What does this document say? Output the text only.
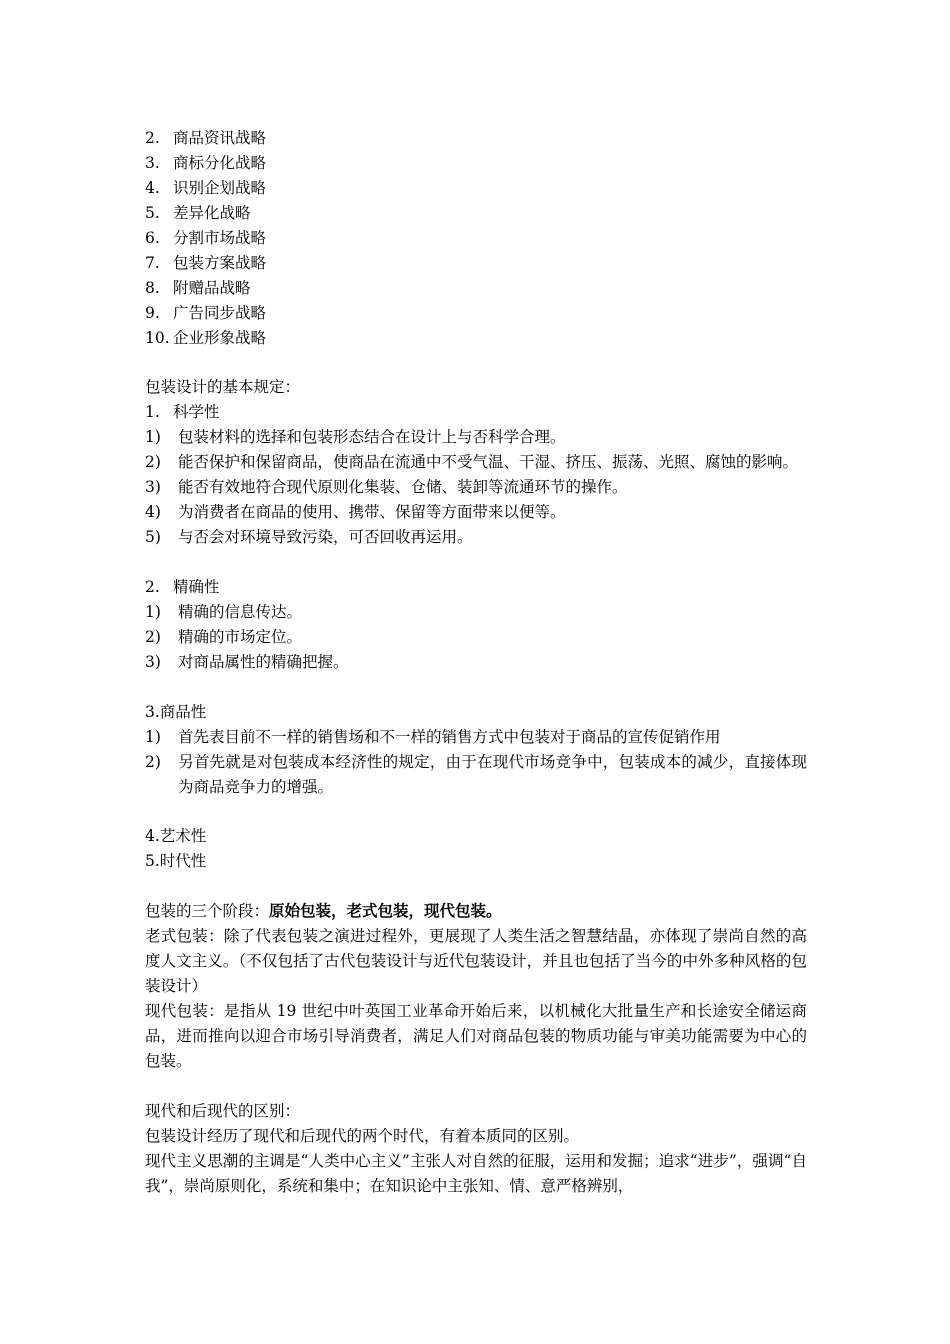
2. 商品资讯战略
3. 商标分化战略
4. 识别企划战略
5. 差异化战略
6. 分割市场战略
7. 包装方案战略
8. 附赠品战略
9. 广告同步战略
10. 企业形象战略
包装设计的基本规定：
1. 科学性
1) 包装材料的选择和包装形态结合在设计上与否科学合理。
2) 能否保护和保留商品，使商品在流通中不受气温、干湿、挤压、振荡、光照、腐蚀的影响。
3) 能否有效地符合现代原则化集装、仓储、装卸等流通环节的操作。
4) 为消费者在商品的使用、携带、保留等方面带来以便等。
5) 与否会对环境导致污染，可否回收再运用。
2. 精确性
1) 精确的信息传达。
2) 精确的市场定位。
3) 对商品属性的精确把握。
3.商品性
1) 首先表目前不一样的销售场和不一样的销售方式中包装对于商品的宣传促销作用
2) 另首先就是对包装成本经济性的规定，由于在现代市场竞争中，包装成本的减少，直接体现为商品竞争力的增强。
4.艺术性
5.时代性
包装的三个阶段：原始包装，老式包装，现代包装。
老式包装：除了代表包装之演进过程外，更展现了人类生活之智慧结晶，亦体现了崇尚自然的高度人文主义。（不仅包括了古代包装设计与近代包装设计，并且也包括了当今的中外多种风格的包装设计）
现代包装：是指从 19 世纪中叶英国工业革命开始后来，以机械化大批量生产和长途安全储运商品，进而推向以迎合市场引导消费者，满足人们对商品包装的物质功能与审美功能需要为中心的包装。
现代和后现代的区别：
包装设计经历了现代和后现代的两个时代，有着本质同的区别。
现代主义思潮的主调是“人类中心主义”主张人对自然的征服，运用和发掘；追求“进步”，强调“自我”，崇尚原则化，系统和集中；在知识论中主张知、情、意严格辨别，
